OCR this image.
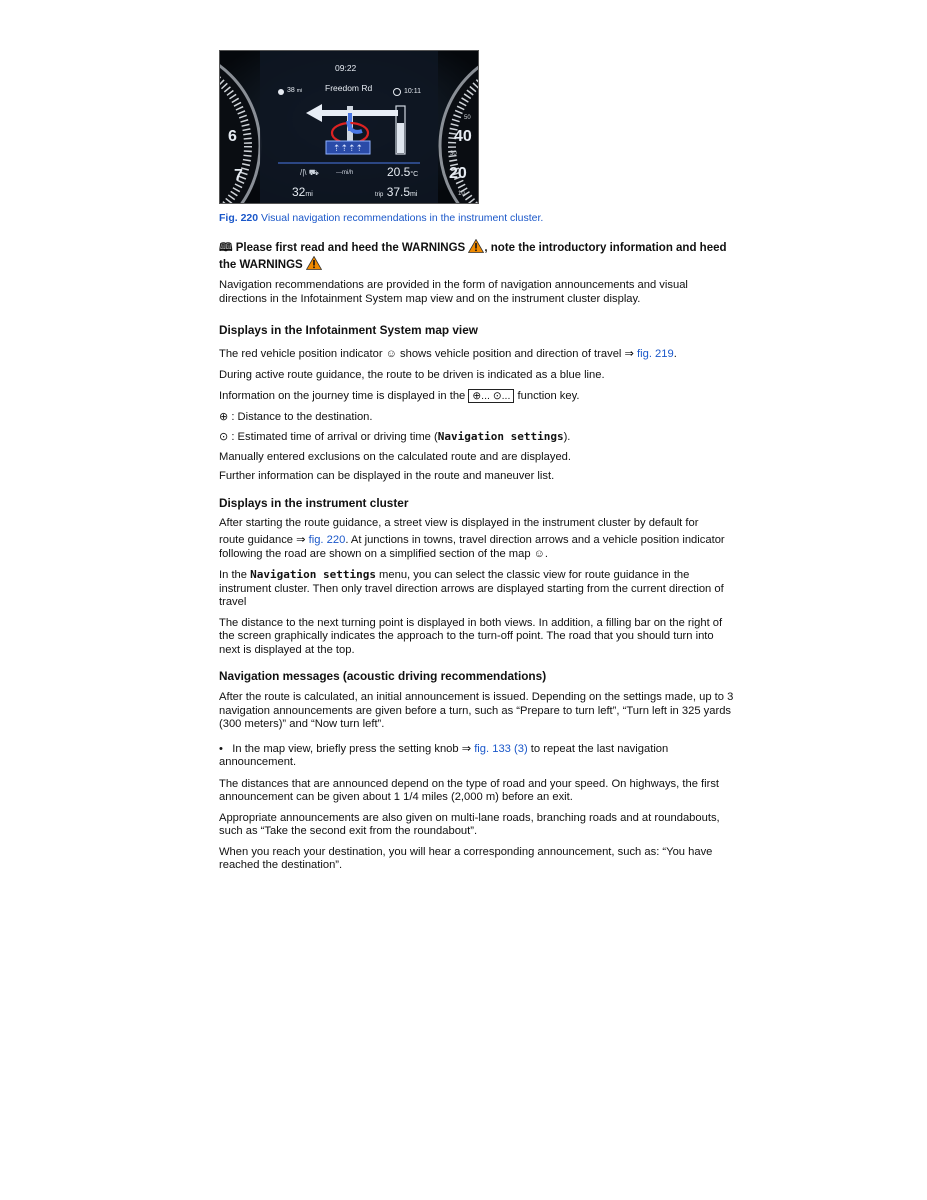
⇡⇡⇡⇡
09:22
Freedom Rd
38 mi	10:11
6
7
40
20
50
30
10
/|\ ⛟	---mi/h	20.5°C
32mi	trip 37.5mi
Fig. 220 Visual navigation recommendations in the instrument cluster.
🕮 Please first read and heed the WARNINGS , note the introductory information and heed the WARNINGS

Navigation recommendations are provided in the form of navigation announcements and visual directions in the Infotainment System map view and on the instrument cluster display.

Displays in the Infotainment System map view

The red vehicle position indicator ☺ shows vehicle position and direction of travel ⇒ fig. 219.

During active route guidance, the route to be driven is indicated as a blue line.

Information on the journey time is displayed in the ⊕... ⊙... function key.

⊕ : Distance to the destination.

⊙ : Estimated time of arrival or driving time (Navigation settings).

Manually entered exclusions on the calculated route and are displayed.

Further information can be displayed in the route and maneuver list.

Displays in the instrument cluster

After starting the route guidance, a street view is displayed in the instrument cluster by default for

route guidance ⇒ fig. 220. At junctions in towns, travel direction arrows and a vehicle position indicator following the road are shown on a simplified section of the map ☺.

In the Navigation settings menu, you can select the classic view for route guidance in the instrument cluster. Then only travel direction arrows are displayed starting from the current direction of travel

The distance to the next turning point is displayed in both views. In addition, a filling bar on the right of the screen graphically indicates the approach to the turn-off point. The road that you should turn into next is displayed at the top.

Navigation messages (acoustic driving recommendations)

After the route is calculated, an initial announcement is issued. Depending on the settings made, up to 3 navigation announcements are given before a turn, such as “Prepare to turn left”, “Turn left in 325 yards (300 meters)” and “Now turn left”.

•   In the map view, briefly press the setting knob ⇒ fig. 133 (3) to repeat the last navigation announcement.

The distances that are announced depend on the type of road and your speed. On highways, the first announcement can be given about 1 1/4 miles (2,000 m) before an exit.

Appropriate announcements are also given on multi-lane roads, branching roads and at roundabouts, such as “Take the second exit from the roundabout”.

When you reach your destination, you will hear a corresponding announcement, such as: “You have reached the destination”.
